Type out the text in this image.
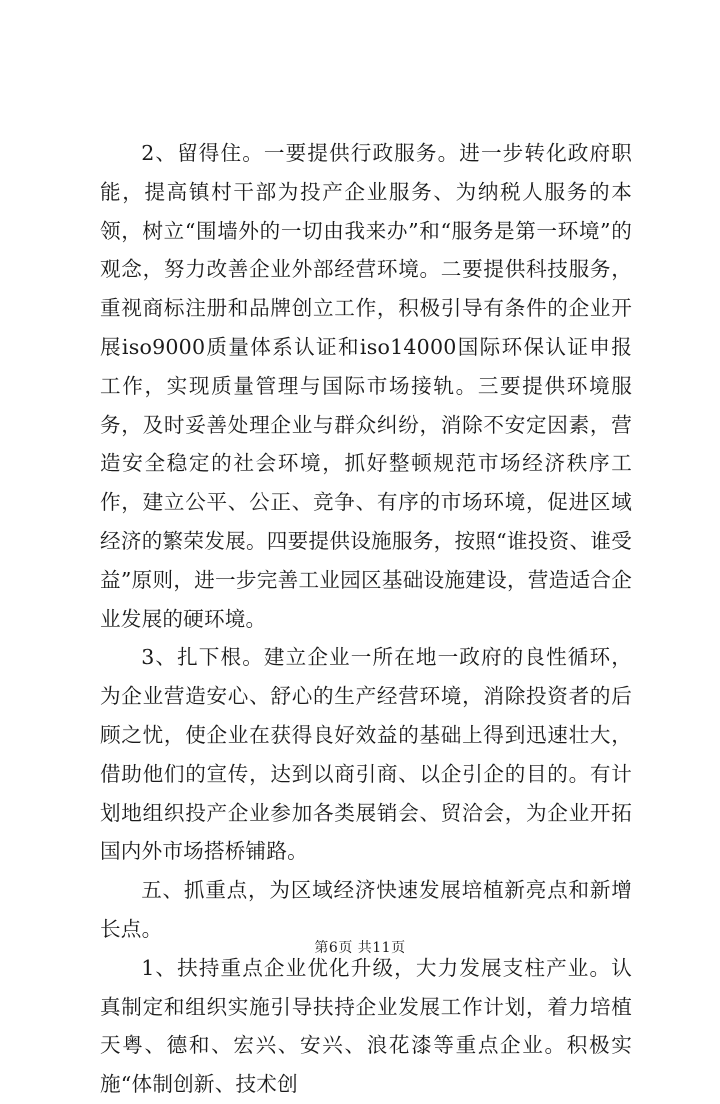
2、留得住。一要提供行政服务。进一步转化政府职能，提高镇村干部为投产企业服务、为纳税人服务的本领，树立“围墙外的一切由我来办”和“服务是第一环境”的观念，努力改善企业外部经营环境。二要提供科技服务，重视商标注册和品牌创立工作，积极引导有条件的企业开展iso9000质量体系认证和iso14000国际环保认证申报工作，实现质量管理与国际市场接轨。三要提供环境服务，及时妥善处理企业与群众纠纷，消除不安定因素，营造安全稳定的社会环境，抓好整顿规范市场经济秩序工作，建立公平、公正、竞争、有序的市场环境，促进区域经济的繁荣发展。四要提供设施服务，按照“谁投资、谁受益”原则，进一步完善工业园区基础设施建设，营造适合企业发展的硬环境。

3、扎下根。建立企业一所在地一政府的良性循环，为企业营造安心、舒心的生产经营环境，消除投资者的后顾之忧，使企业在获得良好效益的基础上得到迅速壮大，借助他们的宣传，达到以商引商、以企引企的目的。有计划地组织投产企业参加各类展销会、贸洽会，为企业开拓国内外市场搭桥铺路。

五、抓重点，为区域经济快速发展培植新亮点和新增长点。

1、扶持重点企业优化升级，大力发展支柱产业。认真制定和组织实施引导扶持企业发展工作计划，着力培植天粤、德和、宏兴、安兴、浪花漆等重点企业。积极实施“体制创新、技术创

第6页 共11页
